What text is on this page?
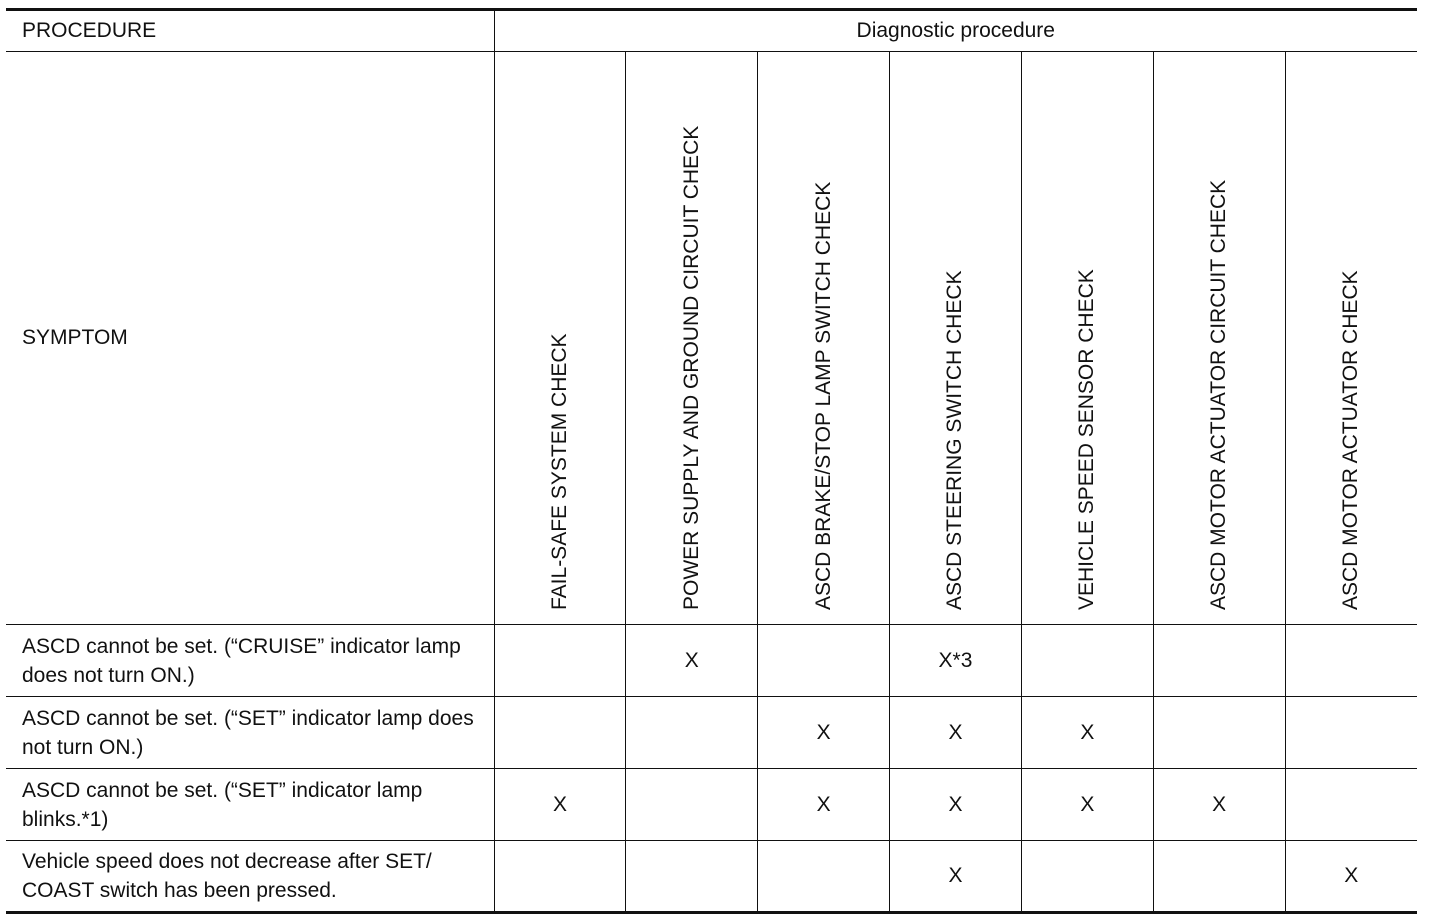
PROCEDURE	Diagnostic procedure						
SYMPTOM	FAIL-SAFE SYSTEM CHECK	POWER SUPPLY AND GROUND CIRCUIT CHECK	ASCD BRAKE/STOP LAMP SWITCH CHECK	ASCD STEERING SWITCH CHECK	VEHICLE SPEED SENSOR CHECK	ASCD MOTOR ACTUATOR CIRCUIT CHECK	ASCD MOTOR ACTUATOR CHECK

ASCD cannot be set. (“CRUISE” indicator lamp does not turn ON.)		X		X*3			
ASCD cannot be set. (“SET” indicator lamp does not turn ON.)			X	X	X		
ASCD cannot be set. (“SET” indicator lamp blinks.*1)	X		X	X	X	X	
Vehicle speed does not decrease after SET/ COAST switch has been pressed.				X			X
